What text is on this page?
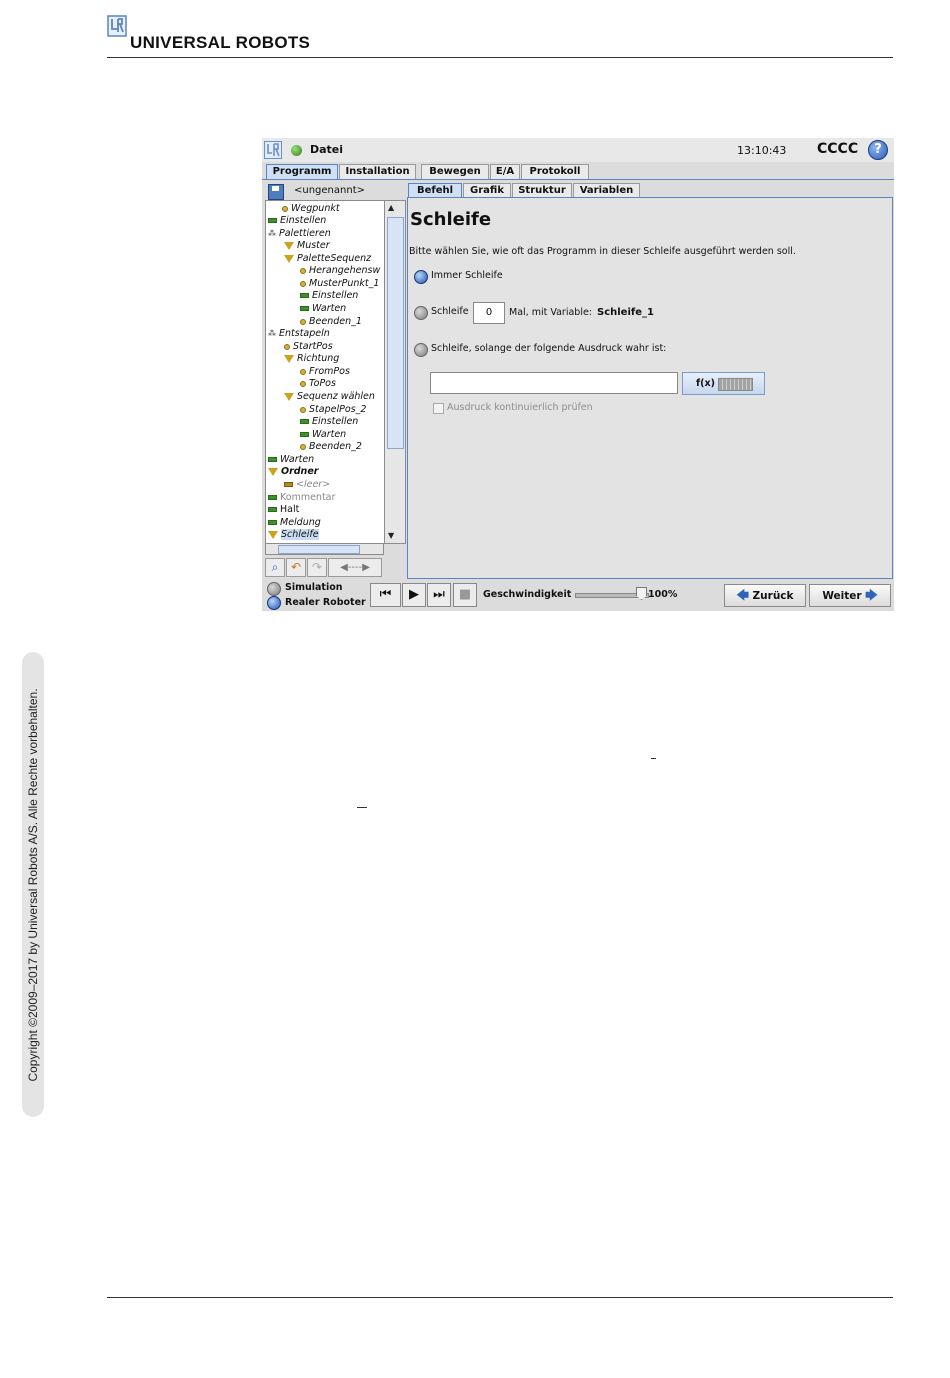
UNIVERSAL ROBOTS
Copyright ©2009–2017 by Universal Robots A/S. Alle Rechte vorbehalten.
Datei	13:10:43 CCCC	?
Programm	Installation	Bewegen	E/A	Protokoll
<ungenannt>
Wegpunkt
Einstellen
⁂ Palettieren
Muster
PaletteSequenz
Herangehensw
MusterPunkt_1
Einstellen
Warten
Beenden_1
⁂ Entstapeln
StartPos
Richtung
FromPos
ToPos
Sequenz wählen
StapelPos_2
Einstellen
Warten
Beenden_2
Warten
Ordner
<leer>
Kommentar
Halt
Meldung
Schleife
▲
▼
⌕	↶ ↷	◀----▶
Befehl	Grafik	Struktur	Variablen
Schleife
Bitte wählen Sie, wie oft das Programm in dieser Schleife ausgeführt werden soll.
Immer Schleife
Schleife	0	Mal, mit Variable: Schleife_1
Schleife, solange der folgende Ausdruck wahr ist:
f(x)
Ausdruck kontinuierlich prüfen
Simulation
Realer Roboter
⏮	▶	⏭	■	Geschwindigkeit	100%	🡄 Zurück	Weiter 🡆
